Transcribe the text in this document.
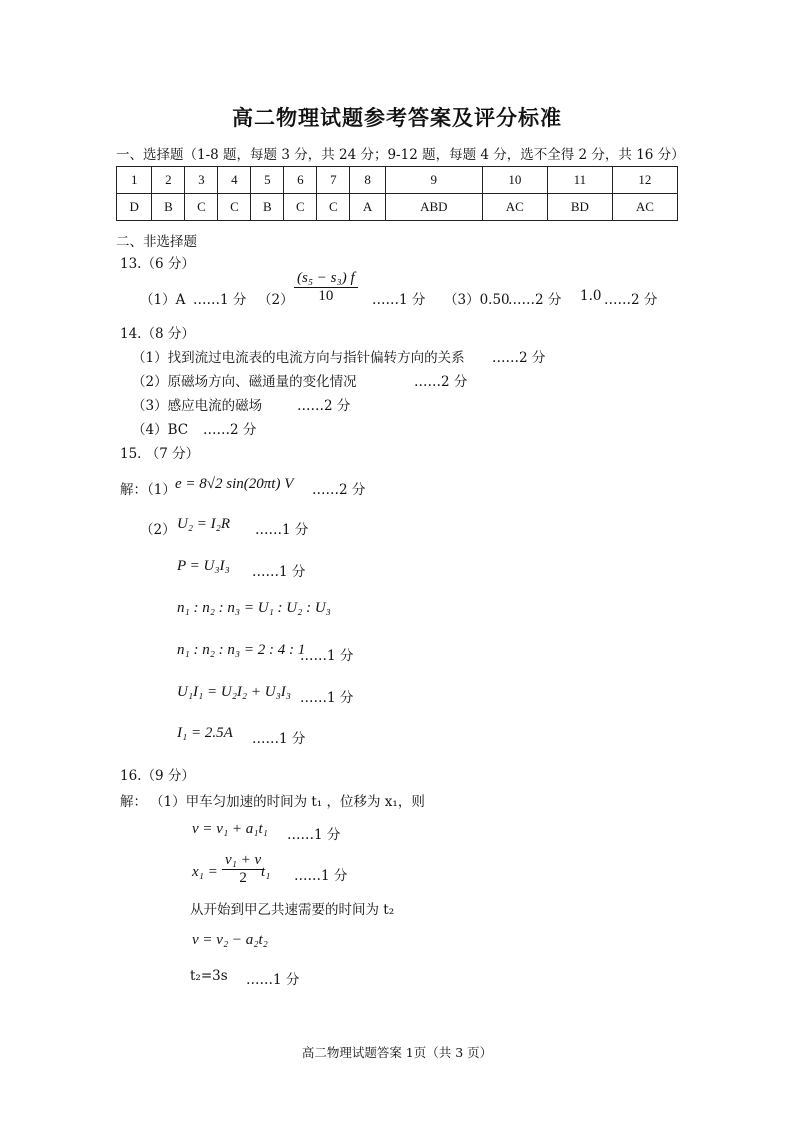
高二物理试题参考答案及评分标准
一、选择题（1-8 题，每题 3 分，共 24 分；9-12 题，每题 4 分，选不全得 2 分，共 16 分）
1	2	3	4	5	6	7	8	9	10	11	12
D	B	C	C	B	C	C	A	ABD	AC	BD	AC
二、非选择题
13.（6 分）
（1）A ……1 分 $(2) \frac{\text{(s₅ − s₃) f}}{10}$ ……1 分 （3）0.50
……2 分 1.0 ……2 分
14.（8 分）
（1）找到流过电流表的电流方向与指针偏转方向的关系 ……2 分
（2）原磁场方向、磁通量的变化情况	……2 分
（3）感应电流的磁场	……2 分
（4）BC ……2 分
15. （7 分）
解：（1） e = 8√2 sin(20πt) V ……2 分
（2） U₂ = I₂R ……1 分
P = U₃I₃ ……1 分
n₁ : n₂ : n₃ = U₁ : U₂ : U₃
n₁ : n₂ : n₃ = 2 : 4 : 1
……1 分
U₁I₁ = U₂I₂ + U₃I₃ ……1 分
I₁ = 2.5A ……1 分
16.（9 分）
解： （1）甲车匀加速的时间为 t₁ ，位移为 x₁，则
v = v₁ + a₁t₁ ……1 分
$x_1 = \frac{\text{v₁ + v}}{2}$
t₁ ……1 分
从开始到甲乙共速需要的时间为 t₂
v = v₂ − a₂t₂
t₂=3s ……1 分
高二物理试题答案 1页（共 3 页）
